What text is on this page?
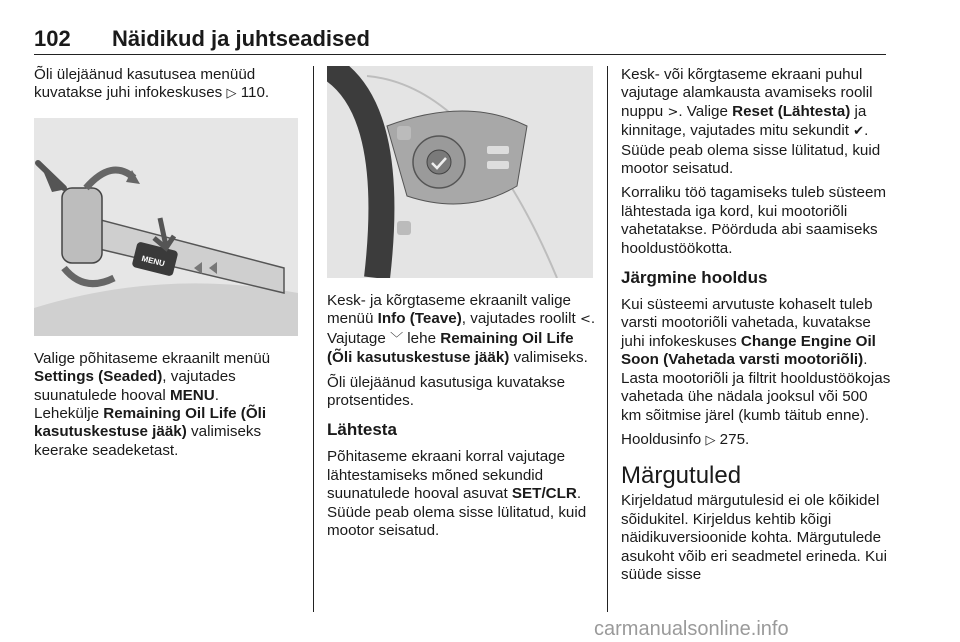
102 Näidikud ja juhtseadised

Õli ülejäänud kasutusea menüüd kuvatakse juhi infokeskuses ▷ 110.

MENU

Valige põhitaseme ekraanilt menüü Settings (Seaded), vajutades suunatulede hooval MENU.
Lehekülje Remaining Oil Life (Õli kasutuskestuse jääk) valimiseks keerake seadeketast.

Kesk- ja kõrgtaseme ekraanilt valige menüü Info (Teave), vajutades roolilt <. Vajutage ﹀ lehe Remaining Oil Life (Õli kasutuskestuse jääk) valimiseks.

Õli ülejäänud kasutusiga kuvatakse protsentides.

Lähtesta

Põhitaseme ekraani korral vajutage lähtestamiseks mõned sekundid suunatulede hooval asuvat SET/CLR. Süüde peab olema sisse lülitatud, kuid mootor seisatud.

Kesk- või kõrgtaseme ekraani puhul vajutage alamkausta avamiseks roolil nuppu >. Valige Reset (Lähtesta) ja kinnitage, vajutades mitu sekundit ✔.
Süüde peab olema sisse lülitatud, kuid mootor seisatud.

Korraliku töö tagamiseks tuleb süsteem lähtestada iga kord, kui mootoriõli vahetatakse. Pöörduda abi saamiseks hooldustöökotta.

Järgmine hooldus

Kui süsteemi arvutuste kohaselt tuleb varsti mootoriõli vahetada, kuvatakse juhi infokeskuses Change Engine Oil Soon (Vahetada varsti mootoriõli). Lasta mootoriõli ja filtrit hooldustöökojas vahetada ühe nädala jooksul või 500 km sõitmise järel (kumb täitub enne).

Hooldusinfo ▷ 275.

Märgutuled

Kirjeldatud märgutulesid ei ole kõikidel sõidukitel. Kirjeldus kehtib kõigi näidikuversioonide kohta. Märgutulede asukoht võib eri seadmetel erineda. Kui süüde sisse

carmanualsonline.info
